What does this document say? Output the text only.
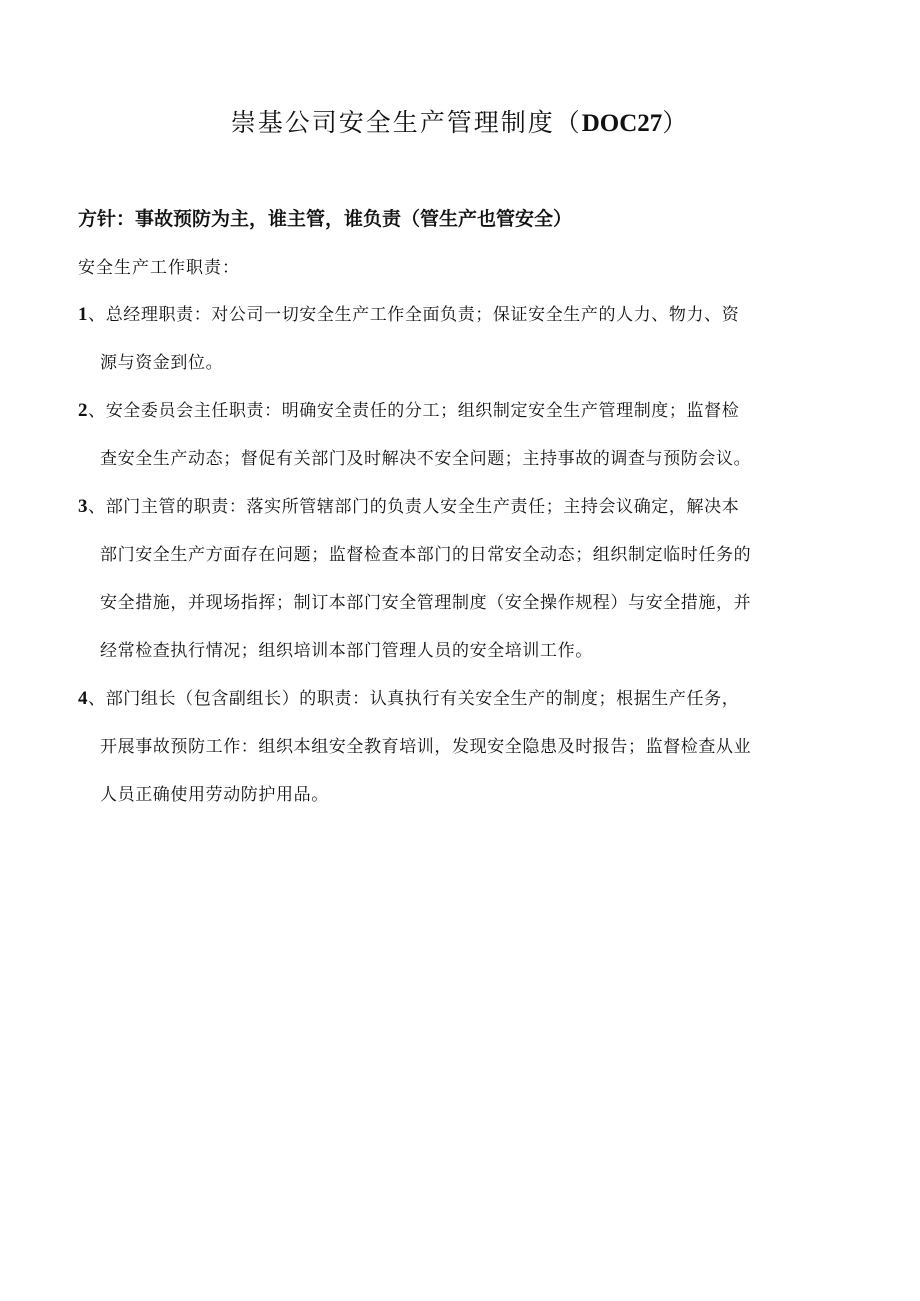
崇基公司安全生产管理制度（DOC27）
方针：事故预防为主，谁主管，谁负责（管生产也管安全）
安全生产工作职责：
1、总经理职责：对公司一切安全生产工作全面负责；保证安全生产的人力、物力、资
源与资金到位。
2、安全委员会主任职责：明确安全责任的分工；组织制定安全生产管理制度；监督检
查安全生产动态；督促有关部门及时解决不安全问题；主持事故的调查与预防会议。
3、部门主管的职责：落实所管辖部门的负责人安全生产责任；主持会议确定，解决本
部门安全生产方面存在问题；监督检查本部门的日常安全动态；组织制定临时任务的
安全措施，并现场指挥；制订本部门安全管理制度（安全操作规程）与安全措施，并
经常检查执行情况；组织培训本部门管理人员的安全培训工作。
4、部门组长（包含副组长）的职责：认真执行有关安全生产的制度；根据生产任务，
开展事故预防工作：组织本组安全教育培训，发现安全隐患及时报告；监督检查从业
人员正确使用劳动防护用品。
